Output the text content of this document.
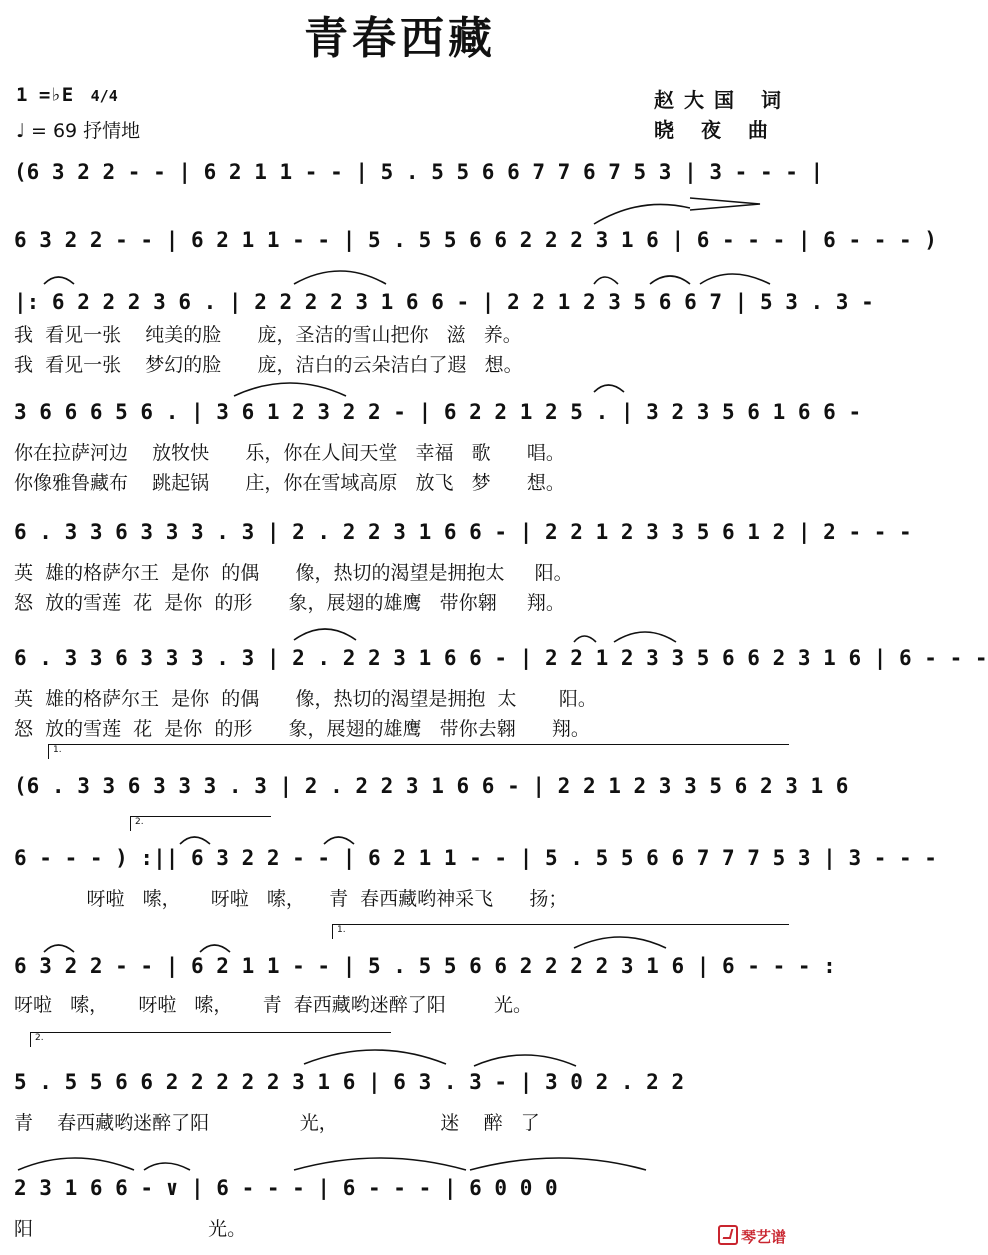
青春西藏
1 =♭E 4/4
♩ = 69 抒情地
赵大国 词
晓 夜 曲
(6 3 2 2 - - | 6 2 1 1 - - | 5 . 5 5 6 6 7 7 6 7 5 3 | 3 - - - |
6 3 2 2 - - | 6 2 1 1 - - | 5 . 5 5 6 6 2 2 2 3 1 6 | 6 - - - | 6 - - - )
|: 6 2 2 2 3 6 . | 2 2 2 2 3 1 6 6 - | 2 2 1 2 3 5 6 6 7 | 5 3 . 3 -
我  看见一张    纯美的脸      庞，圣洁的雪山把你   滋   养。
我  看见一张    梦幻的脸      庞，洁白的云朵洁白了遐   想。
3 6 6 6 5 6 . | 3 6 1 2 3 2 2 - | 6 2 2 1 2 5 . | 3 2 3 5 6 1 6 6 -
你在拉萨河边    放牧快      乐，你在人间天堂   幸福   歌      唱。
你像雅鲁藏布    跳起锅      庄，你在雪域高原   放飞   梦      想。
6 . 3 3 6 3 3 3 . 3 | 2 . 2 2 3 1 6 6 - | 2 2 1 2 3 3 5 6 1 2 | 2 - - -
英  雄的格萨尔王  是你  的偶      像，热切的渴望是拥抱太     阳。
怒  放的雪莲  花  是你  的形      象，展翅的雄鹰   带你翱     翔。
6 . 3 3 6 3 3 3 . 3 | 2 . 2 2 3 1 6 6 - | 2 2 1 2 3 3 5 6 6 2 3 1 6 | 6 - - -
英  雄的格萨尔王  是你  的偶      像，热切的渴望是拥抱  太       阳。
怒  放的雪莲  花  是你  的形      象，展翅的雄鹰   带你去翱      翔。
1.
(6 . 3 3 6 3 3 3 . 3 | 2 . 2 2 3 1 6 6 - | 2 2 1 2 3 3 5 6 2 3 1 6
2.
6 - - - ) :|| 6 3 2 2 - - | 6 2 1 1 - - | 5 . 5 5 6 6 7 7 7 5 3 | 3 - - -
呀啦   嗦，     呀啦   嗦，    青  春西藏哟神采飞      扬；
1.
6 3 2 2 - - | 6 2 1 1 - - | 5 . 5 5 6 6 2 2 2 2 3 1 6 | 6 - - - :
呀啦   嗦，     呀啦   嗦，     青  春西藏哟迷醉了阳        光。
2.
5 . 5 5 6 6 2 2 2 2 2 3 1 6 | 6 3 . 3 - | 3 0 2 . 2 2
青    春西藏哟迷醉了阳               光，                 迷    醉   了
2 3 1 6 6 - ∨ | 6 - - - | 6 - - - | 6 0 0 0
阳                             光。	琴艺谱
